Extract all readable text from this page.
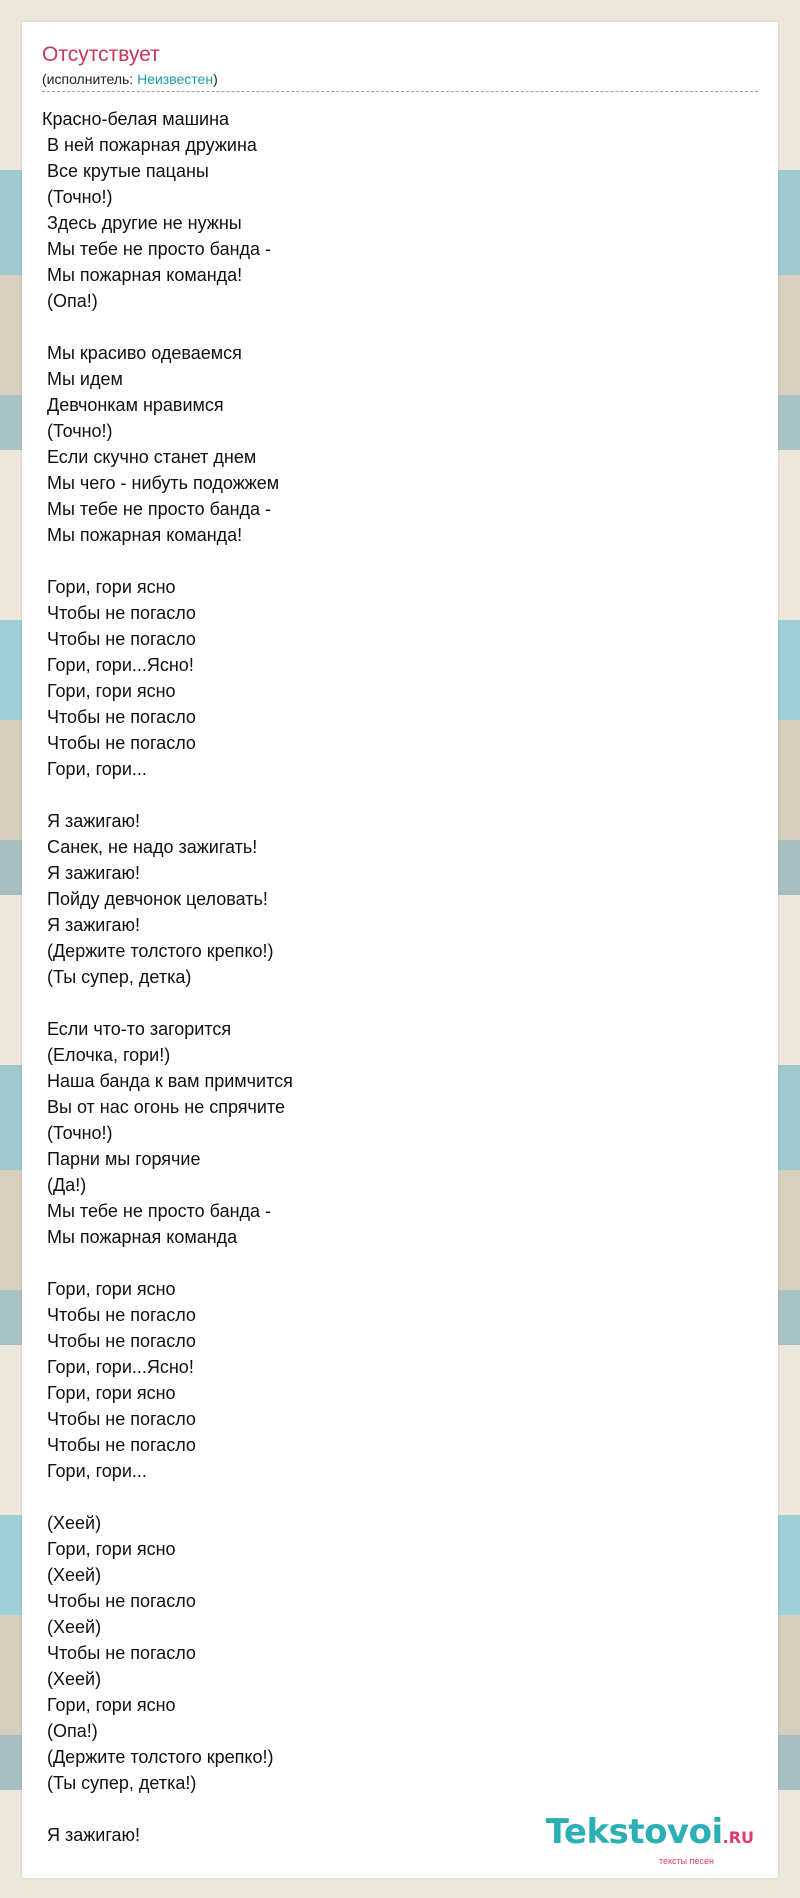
Отсутствует
(исполнитель: Неизвестен)
Красно-белая машина
В ней пожарная дружина
Все крутые пацаны
(Точно!)
Здесь другие не нужны
Мы тебе не просто банда -
Мы пожарная команда!
(Опа!)

Мы красиво одеваемся
Мы идем
Девчонкам нравимся
(Точно!)
Если скучно станет днем
Мы чего - нибуть подожжем
Мы тебе не просто банда -
Мы пожарная команда!

Гори, гори ясно
Чтобы не погасло
Чтобы не погасло
Гори, гори...Ясно!
Гори, гори ясно
Чтобы не погасло
Чтобы не погасло
Гори, гори...

Я зажигаю!
Санек, не надо зажигать!
Я зажигаю!
Пойду девчонок целовать!
Я зажигаю!
(Держите толстого крепко!)
(Ты супер, детка)

Если что-то загорится
(Елочка, гори!)
Наша банда к вам примчится
Вы от нас огонь не спрячите
(Точно!)
Парни мы горячие
(Да!)
Мы тебе не просто банда -
Мы пожарная команда

Гори, гори ясно
Чтобы не погасло
Чтобы не погасло
Гори, гори...Ясно!
Гори, гори ясно
Чтобы не погасло
Чтобы не погасло
Гори, гори...

(Хеей)
Гори, гори ясно
(Хеей)
Чтобы не погасло
(Хеей)
Чтобы не погасло
(Хеей)
Гори, гори ясно
(Опа!)
(Держите толстого крепко!)
(Ты супер, детка!)

Я зажигаю!	Tekstovoi.RU
тексты песен
